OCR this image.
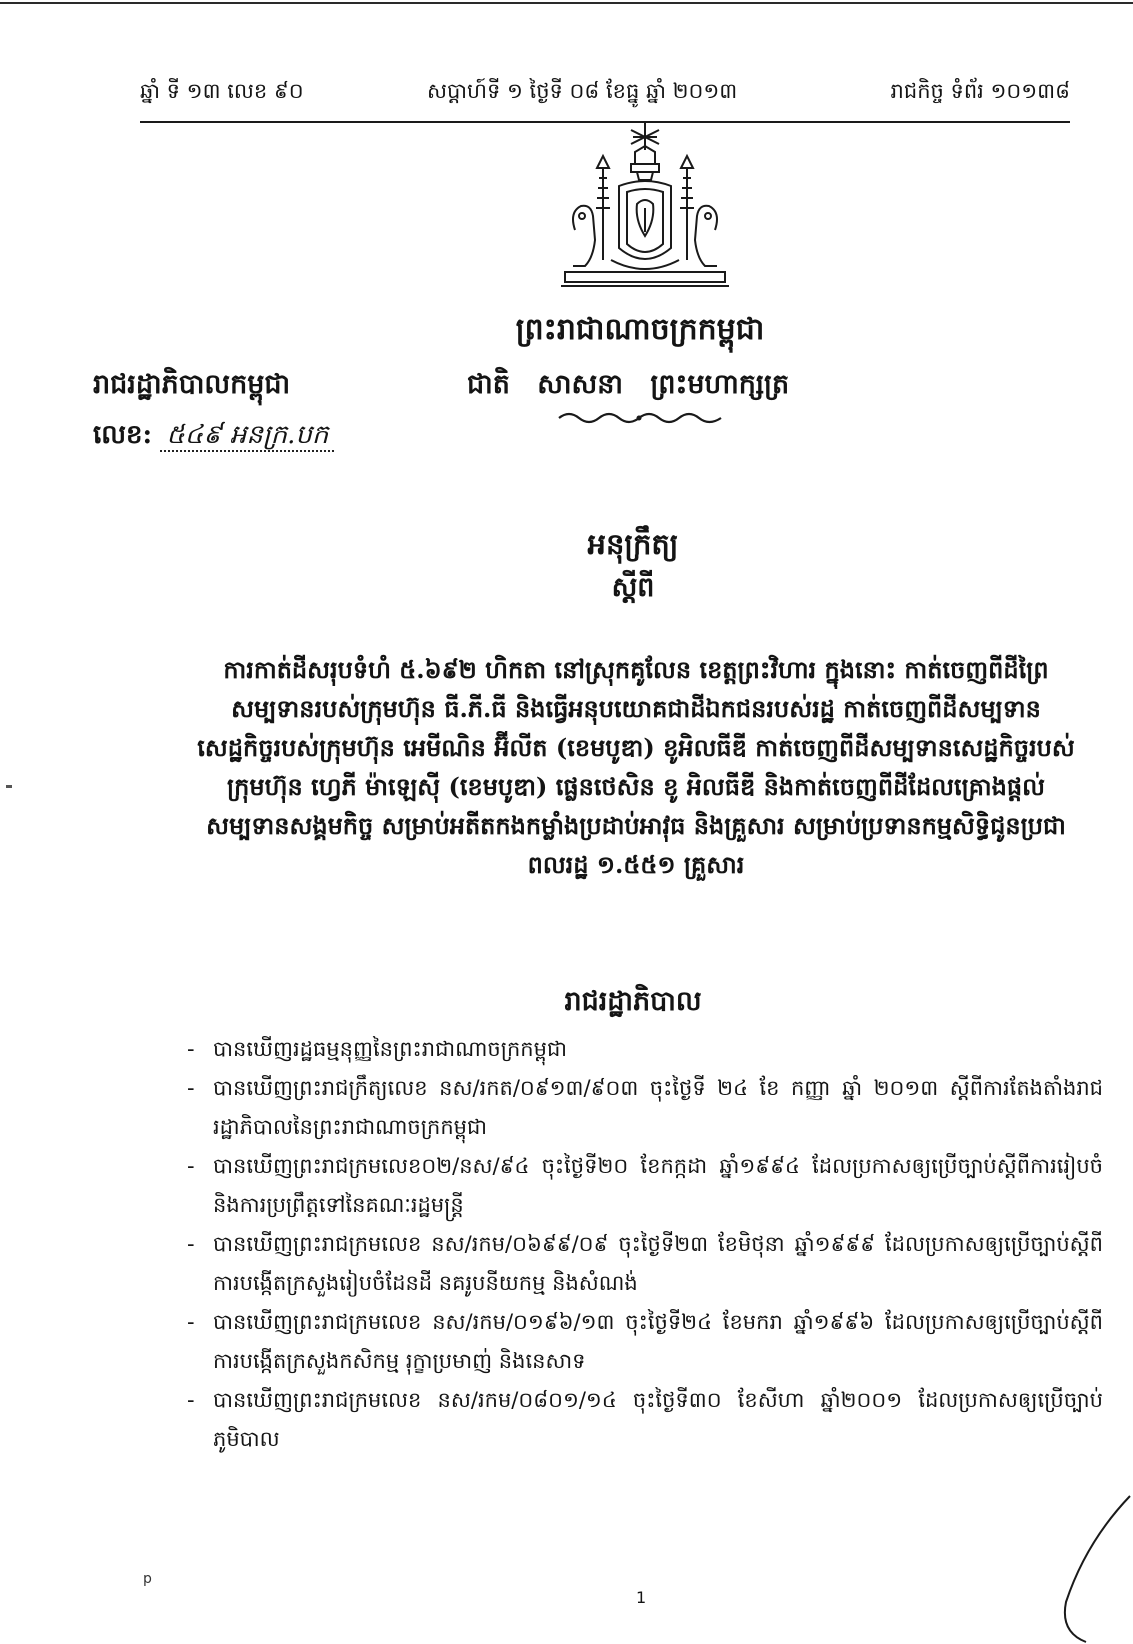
ឆ្នាំ ទី ១៣ លេខ ៩០	សប្តាហ៍ទី ១ ថ្ងៃទី ០៨ ខែធ្នូ ឆ្នាំ ២០១៣	រាជកិច្ច ទំព័រ ១០១៣៨
ព្រះរាជាណាចក្រកម្ពុជា
រាជរដ្ឋាភិបាលកម្ពុជា	ជាតិ សាសនា ព្រះមហាក្សត្រ
លេខ: ៥៤៩ អនក្រ.បក
អនុក្រឹត្យ
ស្តីពី
ការកាត់ដីសរុបទំហំ ៥.៦៩២ ហិកតា នៅស្រុកគូលែន ខេត្តព្រះវិហារ ក្នុងនោះ កាត់ចេញពីដីព្រៃសម្បទានរបស់ក្រុមហ៊ុន ធី.ភី.ធី និងធ្វើអនុបយោគជាដីឯកជនរបស់រដ្ឋ កាត់ចេញពីដីសម្បទានសេដ្ឋកិច្ចរបស់ក្រុមហ៊ុន អេមីណិន អ៊ីលីត (ខេមបូឌា) ខូអិលធីឌី កាត់ចេញពីដីសម្បទានសេដ្ឋកិច្ចរបស់ក្រុមហ៊ុន ហ្វេភី ម៉ាឡេស៊ី (ខេមបូឌា) ផ្លេនថេសិន ខូ អិលធីឌី និងកាត់ចេញពីដីដែលគ្រោងផ្តល់សម្បទានសង្គមកិច្ច សម្រាប់អតីតកងកម្លាំងប្រដាប់អាវុធ និងគ្រួសារ សម្រាប់ប្រទានកម្មសិទ្ធិជូនប្រជាពលរដ្ឋ ១.៥៥១ គ្រួសារ
រាជរដ្ឋាភិបាល
- បានឃើញរដ្ឋធម្មនុញ្ញនៃព្រះរាជាណាចក្រកម្ពុជា
- បានឃើញព្រះរាជក្រឹត្យលេខ នស/រកត/០៩១៣/៩០៣ ចុះថ្ងៃទី ២៤ ខែ កញ្ញា ឆ្នាំ ២០១៣ ស្តីពីការតែងតាំងរាជរដ្ឋាភិបាលនៃព្រះរាជាណាចក្រកម្ពុជា
- បានឃើញព្រះរាជក្រមលេខ០២/នស/៩៤ ចុះថ្ងៃទី២០ ខែកក្កដា ឆ្នាំ១៩៩៤ ដែលប្រកាសឲ្យប្រើច្បាប់ស្តីពីការរៀបចំនិងការប្រព្រឹត្តទៅនៃគណៈរដ្ឋមន្ត្រី
- បានឃើញព្រះរាជក្រមលេខ នស/រកម/០៦៩៩/០៩ ចុះថ្ងៃទី២៣ ខែមិថុនា ឆ្នាំ១៩៩៩ ដែលប្រកាសឲ្យប្រើច្បាប់ស្តីពីការបង្កើតក្រសួងរៀបចំដែនដី នគរូបនីយកម្ម និងសំណង់
- បានឃើញព្រះរាជក្រមលេខ នស/រកម/០១៩៦/១៣ ចុះថ្ងៃទី២៤ ខែមករា ឆ្នាំ១៩៩៦ ដែលប្រកាសឲ្យប្រើច្បាប់ស្តីពីការបង្កើតក្រសួងកសិកម្ម រុក្ខាប្រមាញ់ និងនេសាទ
- បានឃើញព្រះរាជក្រមលេខ នស/រកម/០៨០១/១៤ ចុះថ្ងៃទី៣០ ខែសីហា ឆ្នាំ២០០១ ដែលប្រកាសឲ្យប្រើច្បាប់ភូមិបាល
p
1
